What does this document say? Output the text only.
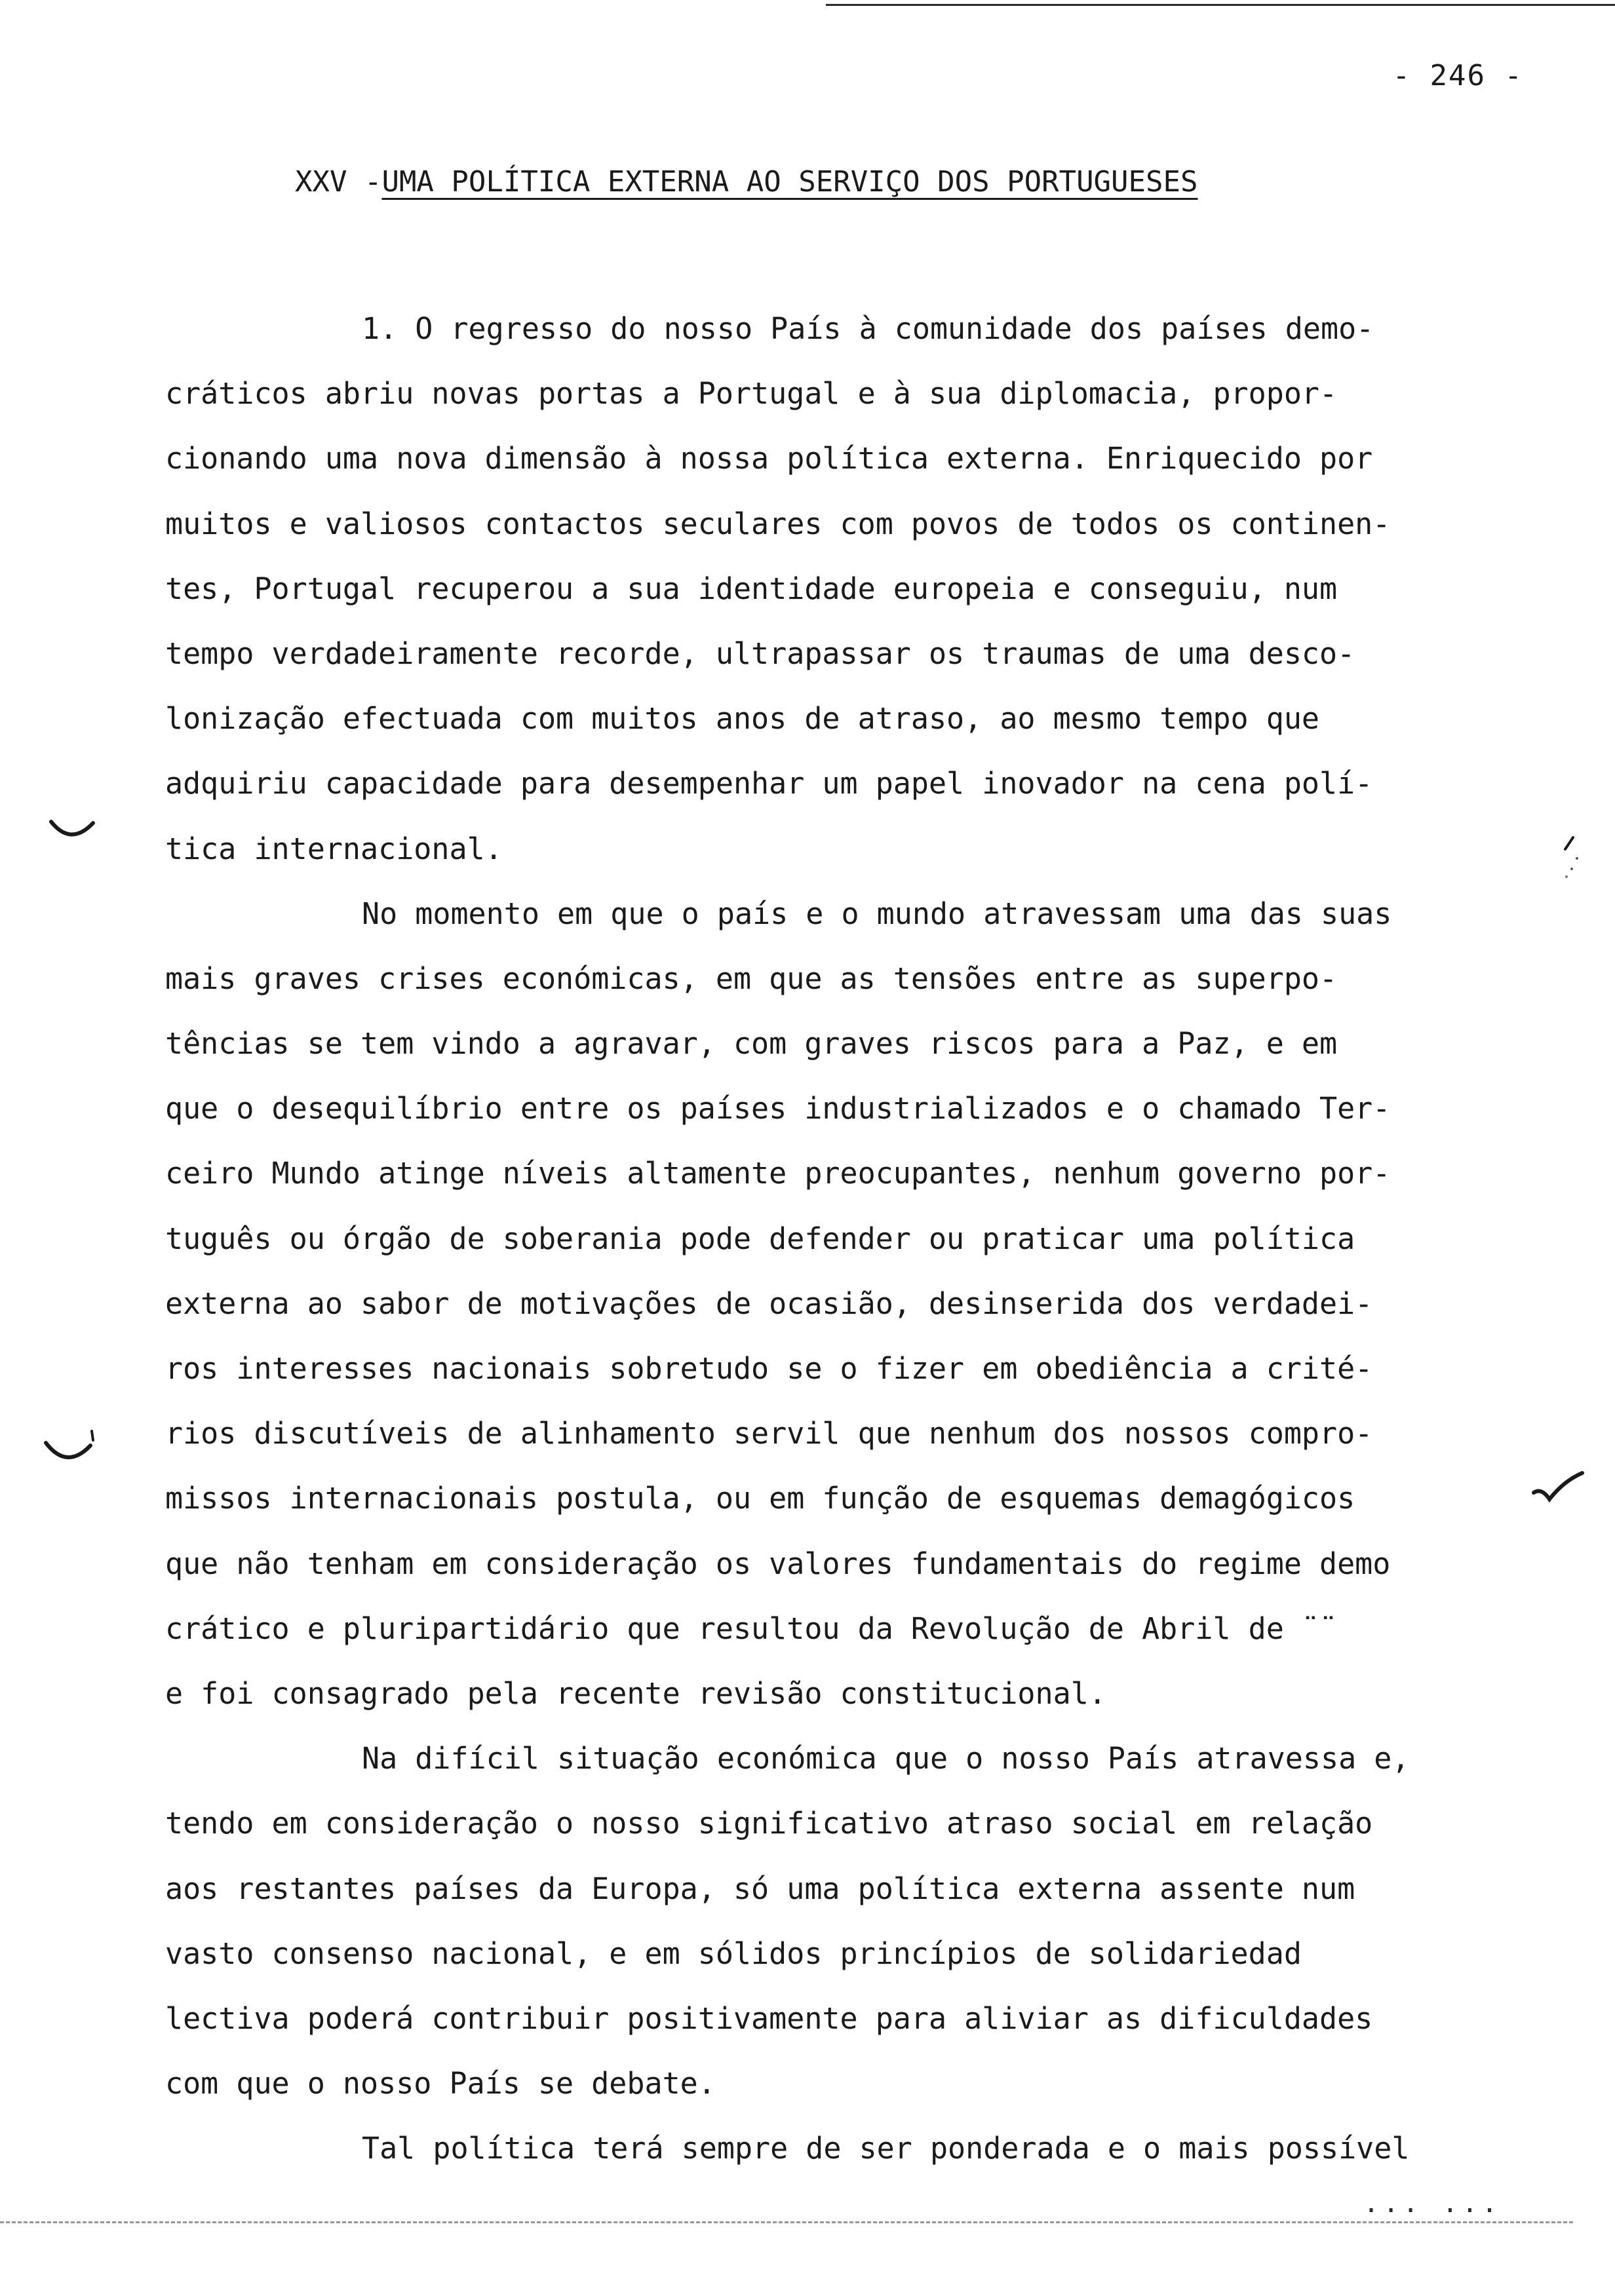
- 246 -
XXV -UMA POLÍTICA EXTERNA AO SERVIÇO DOS PORTUGUESES
1. O regresso do nosso País à comunidade dos países demo-
cráticos abriu novas portas a Portugal e à sua diplomacia, propor-
cionando uma nova dimensão à nossa política externa. Enriquecido por
muitos e valiosos contactos seculares com povos de todos os continen-
tes, Portugal recuperou a sua identidade europeia e conseguiu, num
tempo verdadeiramente recorde, ultrapassar os traumas de uma desco-
lonização efectuada com muitos anos de atraso, ao mesmo tempo que
adquiriu capacidade para desempenhar um papel inovador na cena polí-
tica internacional.
No momento em que o país e o mundo atravessam uma das suas
mais graves crises económicas, em que as tensões entre as superpo-
tências se tem vindo a agravar, com graves riscos para a Paz, e em
que o desequilíbrio entre os países industrializados e o chamado Ter-
ceiro Mundo atinge níveis altamente preocupantes, nenhum governo por-
tuguês ou órgão de soberania pode defender ou praticar uma política
externa ao sabor de motivações de ocasião, desinserida dos verdadei-
ros interesses nacionais sobretudo se o fizer em obediência a crité-
rios discutíveis de alinhamento servil que nenhum dos nossos compro-
missos internacionais postula, ou em função de esquemas demagógicos
que não tenham em consideração os valores fundamentais do regime demo
crático e pluripartidário que resultou da Revolução de Abril de ¨¨
e foi consagrado pela recente revisão constitucional.
Na difícil situação económica que o nosso País atravessa e,
tendo em consideração o nosso significativo atraso social em relação
aos restantes países da Europa, só uma política externa assente num
vasto consenso nacional, e em sólidos princípios de solidariedad
lectiva poderá contribuir positivamente para aliviar as dificuldades
com que o nosso País se debate.
Tal política terá sempre de ser ponderada e o mais possível
... ...
